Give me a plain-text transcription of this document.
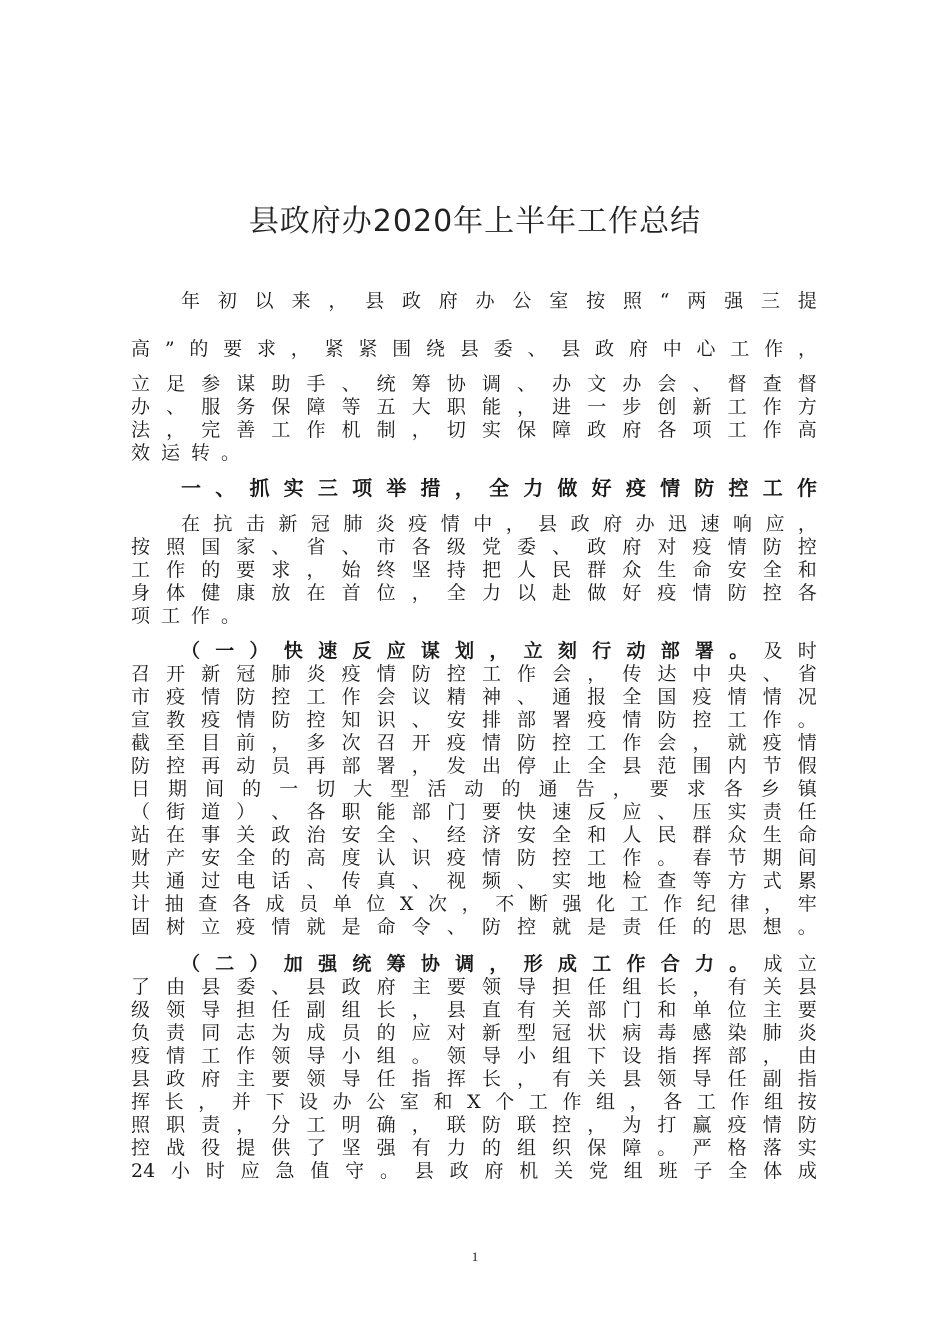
县政府办2020年上半年工作总结
年 初 以 来 ， 县 政 府 办 公 室 按 照 “ 两 强 三 提
高 ” 的 要 求 ， 紧 紧 围 绕 县 委 、 县 政 府 中 心 工 作 ，
立 足 参 谋 助 手 、 统 筹 协 调 、 办 文 办 会 、 督 查 督
办 、 服 务 保 障 等 五 大 职 能 ， 进 一 步 创 新 工 作 方
法 ， 完 善 工 作 机 制 ， 切 实 保 障 政 府 各 项 工 作 高
效 运 转 。
一 、 抓 实 三 项 举 措 ， 全 力 做 好 疫 情 防 控 工 作
在 抗 击 新 冠 肺 炎 疫 情 中 ， 县 政 府 办 迅 速 响 应 ，
按 照 国 家 、 省 、 市 各 级 党 委 、 政 府 对 疫 情 防 控
工 作 的 要 求 ， 始 终 坚 持 把 人 民 群 众 生 命 安 全 和
身 体 健 康 放 在 首 位 ， 全 力 以 赴 做 好 疫 情 防 控 各
项 工 作 。
（ 一 ） 快 速 反 应 谋 划 ， 立 刻 行 动 部 署 。 及 时
召 开 新 冠 肺 炎 疫 情 防 控 工 作 会 ， 传 达 中 央 、 省
市 疫 情 防 控 工 作 会 议 精 神 、 通 报 全 国 疫 情 情 况
宣 教 疫 情 防 控 知 识 、 安 排 部 署 疫 情 防 控 工 作 。
截 至 目 前 ， 多 次 召 开 疫 情 防 控 工 作 会 ， 就 疫 情
防 控 再 动 员 再 部 署 ， 发 出 停 止 全 县 范 围 内 节 假
日 期 间 的 一 切 大 型 活 动 的 通 告 ， 要 求 各 乡 镇
（ 街 道 ） 、 各 职 能 部 门 要 快 速 反 应 、 压 实 责 任
站 在 事 关 政 治 安 全 、 经 济 安 全 和 人 民 群 众 生 命
财 产 安 全 的 高 度 认 识 疫 情 防 控 工 作 。 春 节 期 间
共 通 过 电 话 、 传 真 、 视 频 、 实 地 检 查 等 方 式 累
计 抽 查 各 成 员 单 位 X 次 ， 不 断 强 化 工 作 纪 律 ， 牢
固 树 立 疫 情 就 是 命 令 、 防 控 就 是 责 任 的 思 想 。
（ 二 ） 加 强 统 筹 协 调 ， 形 成 工 作 合 力 。 成 立
了 由 县 委 、 县 政 府 主 要 领 导 担 任 组 长 ， 有 关 县
级 领 导 担 任 副 组 长 ， 县 直 有 关 部 门 和 单 位 主 要
负 责 同 志 为 成 员 的 应 对 新 型 冠 状 病 毒 感 染 肺 炎
疫 情 工 作 领 导 小 组 。 领 导 小 组 下 设 指 挥 部 ， 由
县 政 府 主 要 领 导 任 指 挥 长 ， 有 关 县 领 导 任 副 指
挥 长 ， 并 下 设 办 公 室 和 X 个 工 作 组 ， 各 工 作 组 按
照 职 责 ， 分 工 明 确 ， 联 防 联 控 ， 为 打 赢 疫 情 防
控 战 役 提 供 了 坚 强 有 力 的 组 织 保 障 。 严 格 落 实
24 小 时 应 急 值 守 。 县 政 府 机 关 党 组 班 子 全 体 成
1
